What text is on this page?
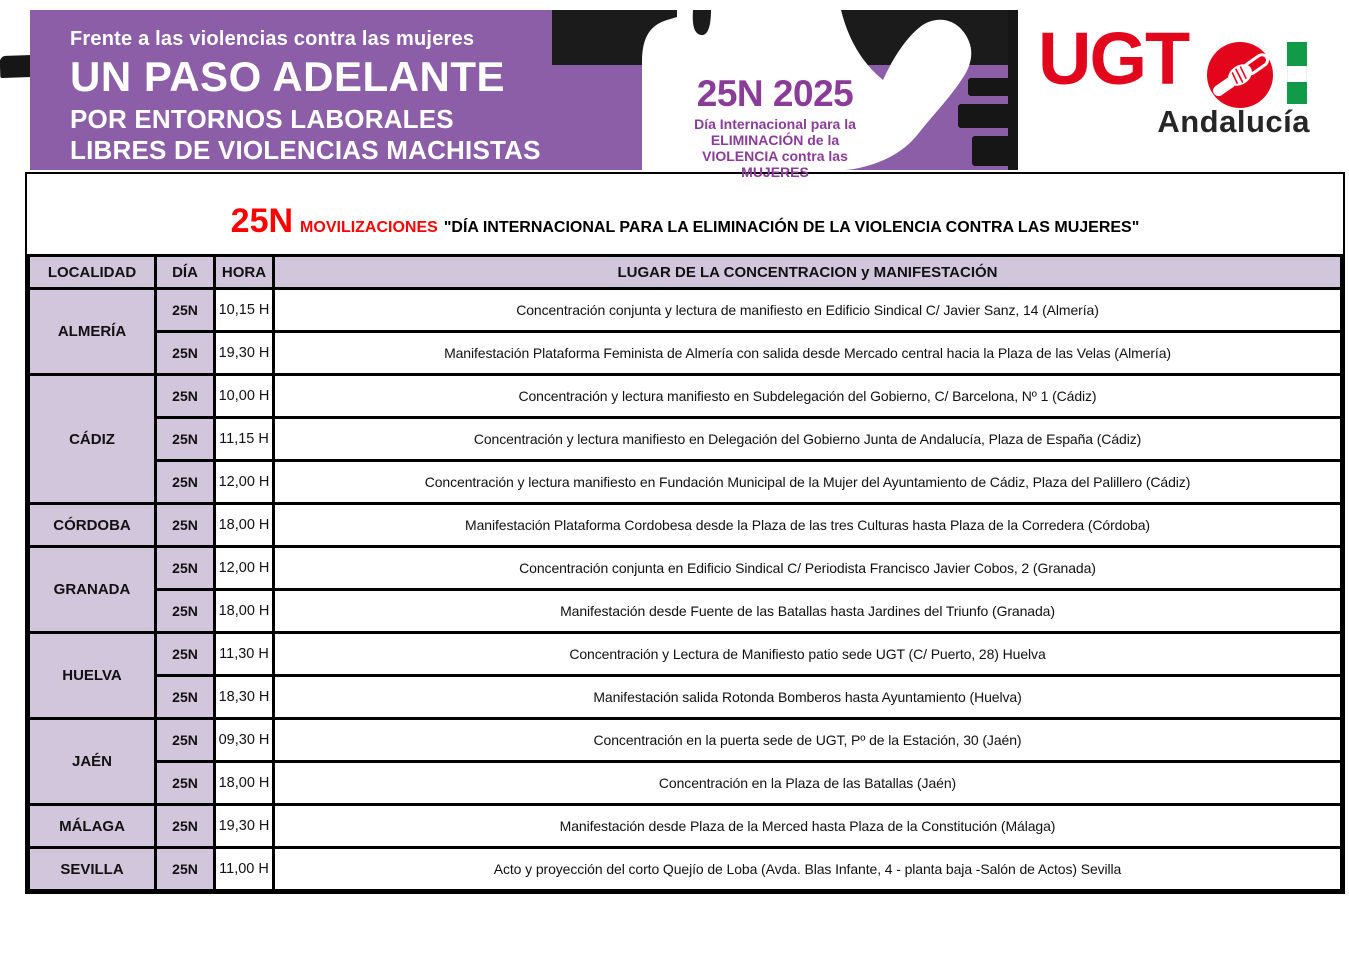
Frente a las violencias contra las mujeres
UN PASO ADELANTE
POR ENTORNOS LABORALES
LIBRES DE VIOLENCIAS MACHISTAS
25N 2025
Día Internacional para la
ELIMINACIÓN de la
VIOLENCIA contra las
MUJERES
UGT
Andalucía
25N MOVILIZACIONES "DÍA INTERNACIONAL PARA LA ELIMINACIÓN DE LA VIOLENCIA CONTRA LAS MUJERES"
LOCALIDAD	DÍA	HORA	LUGAR DE LA CONCENTRACION y MANIFESTACIÓN
ALMERÍA	25N	10,15 H	Concentración conjunta y lectura de manifiesto en Edificio Sindical C/ Javier Sanz, 14 (Almería)
	25N	19,30 H	Manifestación Plataforma Feminista de Almería con salida desde Mercado central hacia la Plaza de las Velas (Almería)
CÁDIZ	25N	10,00 H	Concentración y lectura manifiesto en Subdelegación del Gobierno, C/ Barcelona, Nº 1 (Cádiz)
	25N	11,15 H	Concentración y lectura manifiesto en Delegación del Gobierno Junta de Andalucía, Plaza de España (Cádiz)
	25N	12,00 H	Concentración y lectura manifiesto en Fundación Municipal de la Mujer del Ayuntamiento de Cádiz, Plaza del Palillero (Cádiz)
CÓRDOBA	25N	18,00 H	Manifestación Plataforma Cordobesa desde la Plaza de las tres Culturas hasta Plaza de la Corredera (Córdoba)
GRANADA	25N	12,00 H	Concentración conjunta en Edificio Sindical C/ Periodista Francisco Javier Cobos, 2 (Granada)
	25N	18,00 H	Manifestación desde Fuente de las Batallas hasta Jardines del Triunfo (Granada)
HUELVA	25N	11,30 H	Concentración y Lectura de Manifiesto patio sede UGT (C/ Puerto, 28) Huelva
	25N	18,30 H	Manifestación salida Rotonda Bomberos hasta Ayuntamiento (Huelva)
JAÉN	25N	09,30 H	Concentración en la puerta sede de UGT, Pº de la Estación, 30 (Jaén)
	25N	18,00 H	Concentración en la Plaza de las Batallas (Jaén)
MÁLAGA	25N	19,30 H	Manifestación desde Plaza de la Merced hasta Plaza de la Constitución (Málaga)
SEVILLA	25N	11,00 H	Acto y proyección del corto Quejío de Loba (Avda. Blas Infante, 4 - planta baja -Salón de Actos) Sevilla
